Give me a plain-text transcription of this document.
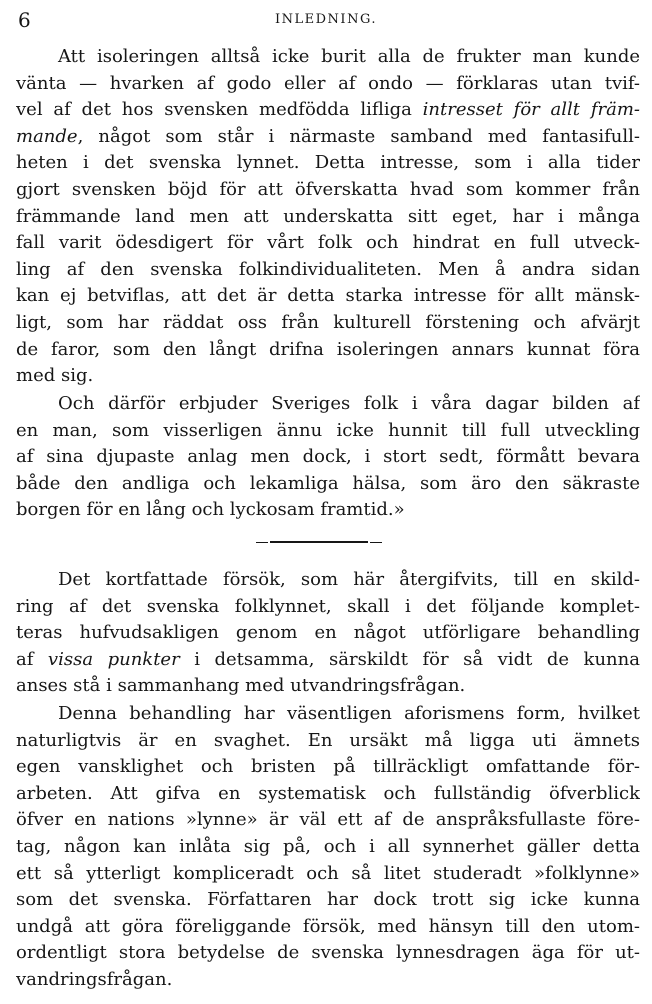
6	INLEDNING.
Att isoleringen alltså icke burit alla de frukter man kunde
vänta — hvarken af godo eller af ondo — förklaras utan tvif-
vel af det hos svensken medfödda lifliga intresset för allt främ-
mande, något som står i närmaste samband med fantasifull-
heten i det svenska lynnet. Detta intresse, som i alla tider
gjort svensken böjd för att öfverskatta hvad som kommer från
främmande land men att underskatta sitt eget, har i många
fall varit ödesdigert för vårt folk och hindrat en full utveck-
ling af den svenska folkindividualiteten. Men å andra sidan
kan ej betviflas, att det är detta starka intresse för allt mänsk-
ligt, som har räddat oss från kulturell förstening och afvärjt
de faror, som den långt drifna isoleringen annars kunnat föra
med sig.
Och därför erbjuder Sveriges folk i våra dagar bilden af
en man, som visserligen ännu icke hunnit till full utveckling
af sina djupaste anlag men dock, i stort sedt, förmått bevara
både den andliga och lekamliga hälsa, som äro den säkraste
borgen för en lång och lyckosam framtid.»
Det kortfattade försök, som här återgifvits, till en skild-
ring af det svenska folklynnet, skall i det följande komplet-
teras hufvudsakligen genom en något utförligare behandling
af vissa punkter i detsamma, särskildt för så vidt de kunna
anses stå i sammanhang med utvandringsfrågan.
Denna behandling har väsentligen aforismens form, hvilket
naturligtvis är en svaghet. En ursäkt må ligga uti ämnets
egen vansklighet och bristen på tillräckligt omfattande för-
arbeten. Att gifva en systematisk och fullständig öfverblick
öfver en nations »lynne» är väl ett af de anspråksfullaste före-
tag, någon kan inlåta sig på, och i all synnerhet gäller detta
ett så ytterligt kompliceradt och så litet studeradt »folklynne»
som det svenska. Författaren har dock trott sig icke kunna
undgå att göra föreliggande försök, med hänsyn till den utom-
ordentligt stora betydelse de svenska lynnesdragen äga för ut-
vandringsfrågan.
